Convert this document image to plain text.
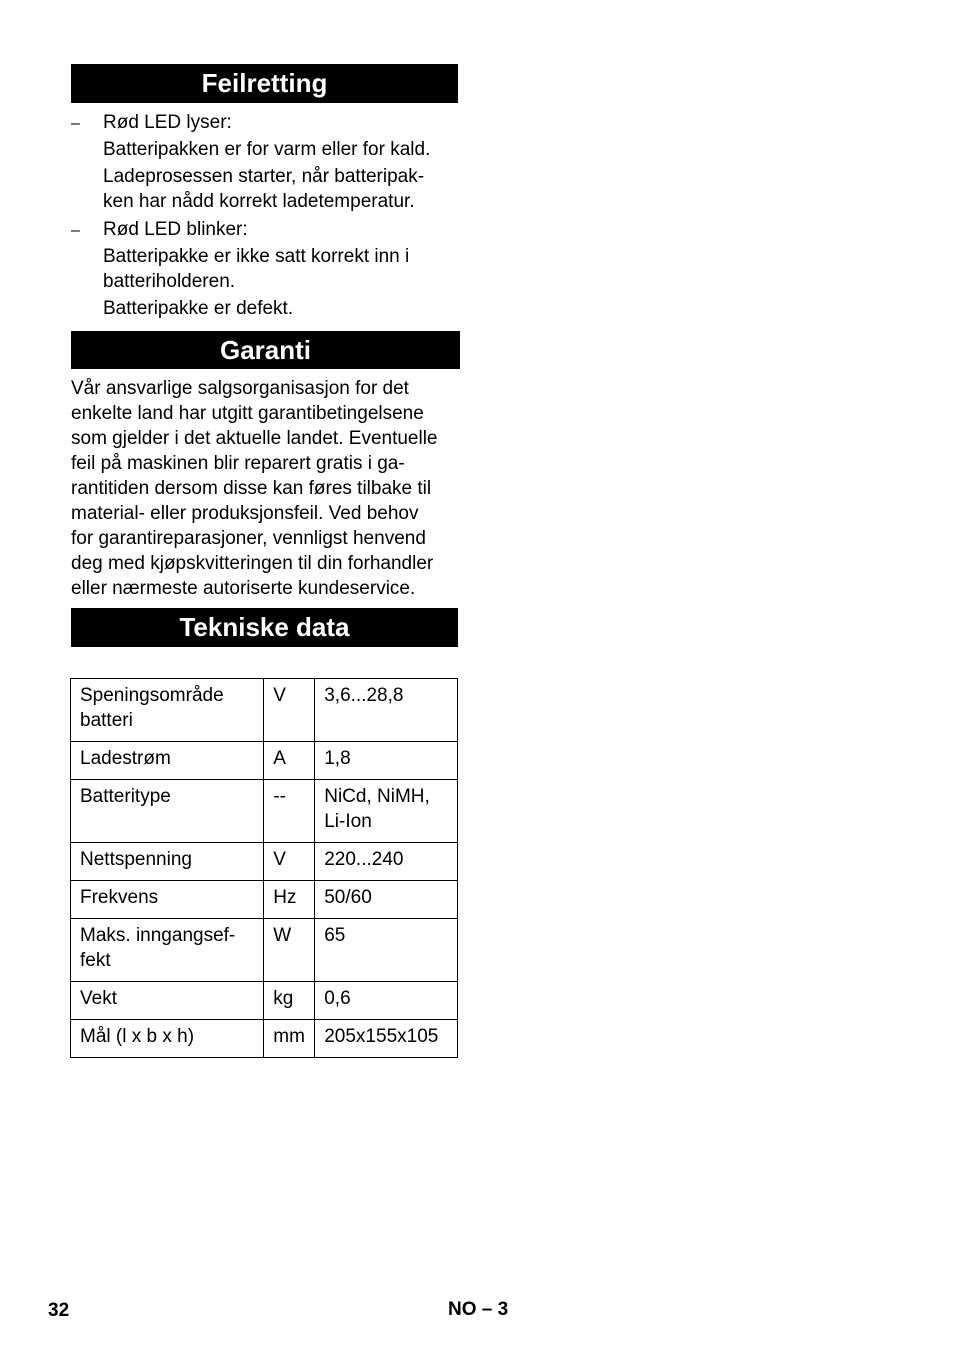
Feilretting
– Rød LED lyser:
Batteripakken er for varm eller for kald.
Ladeprosessen starter, når batteripak-
ken har nådd korrekt ladetemperatur.
– Rød LED blinker:
Batteripakke er ikke satt korrekt inn i
batteriholderen.
Batteripakke er defekt.
Garanti
Vår ansvarlige salgsorganisasjon for det
enkelte land har utgitt garantibetingelsene
som gjelder i det aktuelle landet. Eventuelle
feil på maskinen blir reparert gratis i ga-
rantitiden dersom disse kan føres tilbake til
material- eller produksjonsfeil. Ved behov
for garantireparasjoner, vennligst henvend
deg med kjøpskvitteringen til din forhandler
eller nærmeste autoriserte kundeservice.
Tekniske data
Speningsområde
batteri	V	3,6...28,8

Ladestrøm	A	1,8

Batteritype	--	NiCd, NiMH,
Li-Ion

Nettspenning	V	220...240

Frekvens	Hz	50/60

Maks. inngangsef-
fekt	W	65

Vekt	kg	0,6

Mål (l x b x h)	mm	205x155x105
32	NO – 3
